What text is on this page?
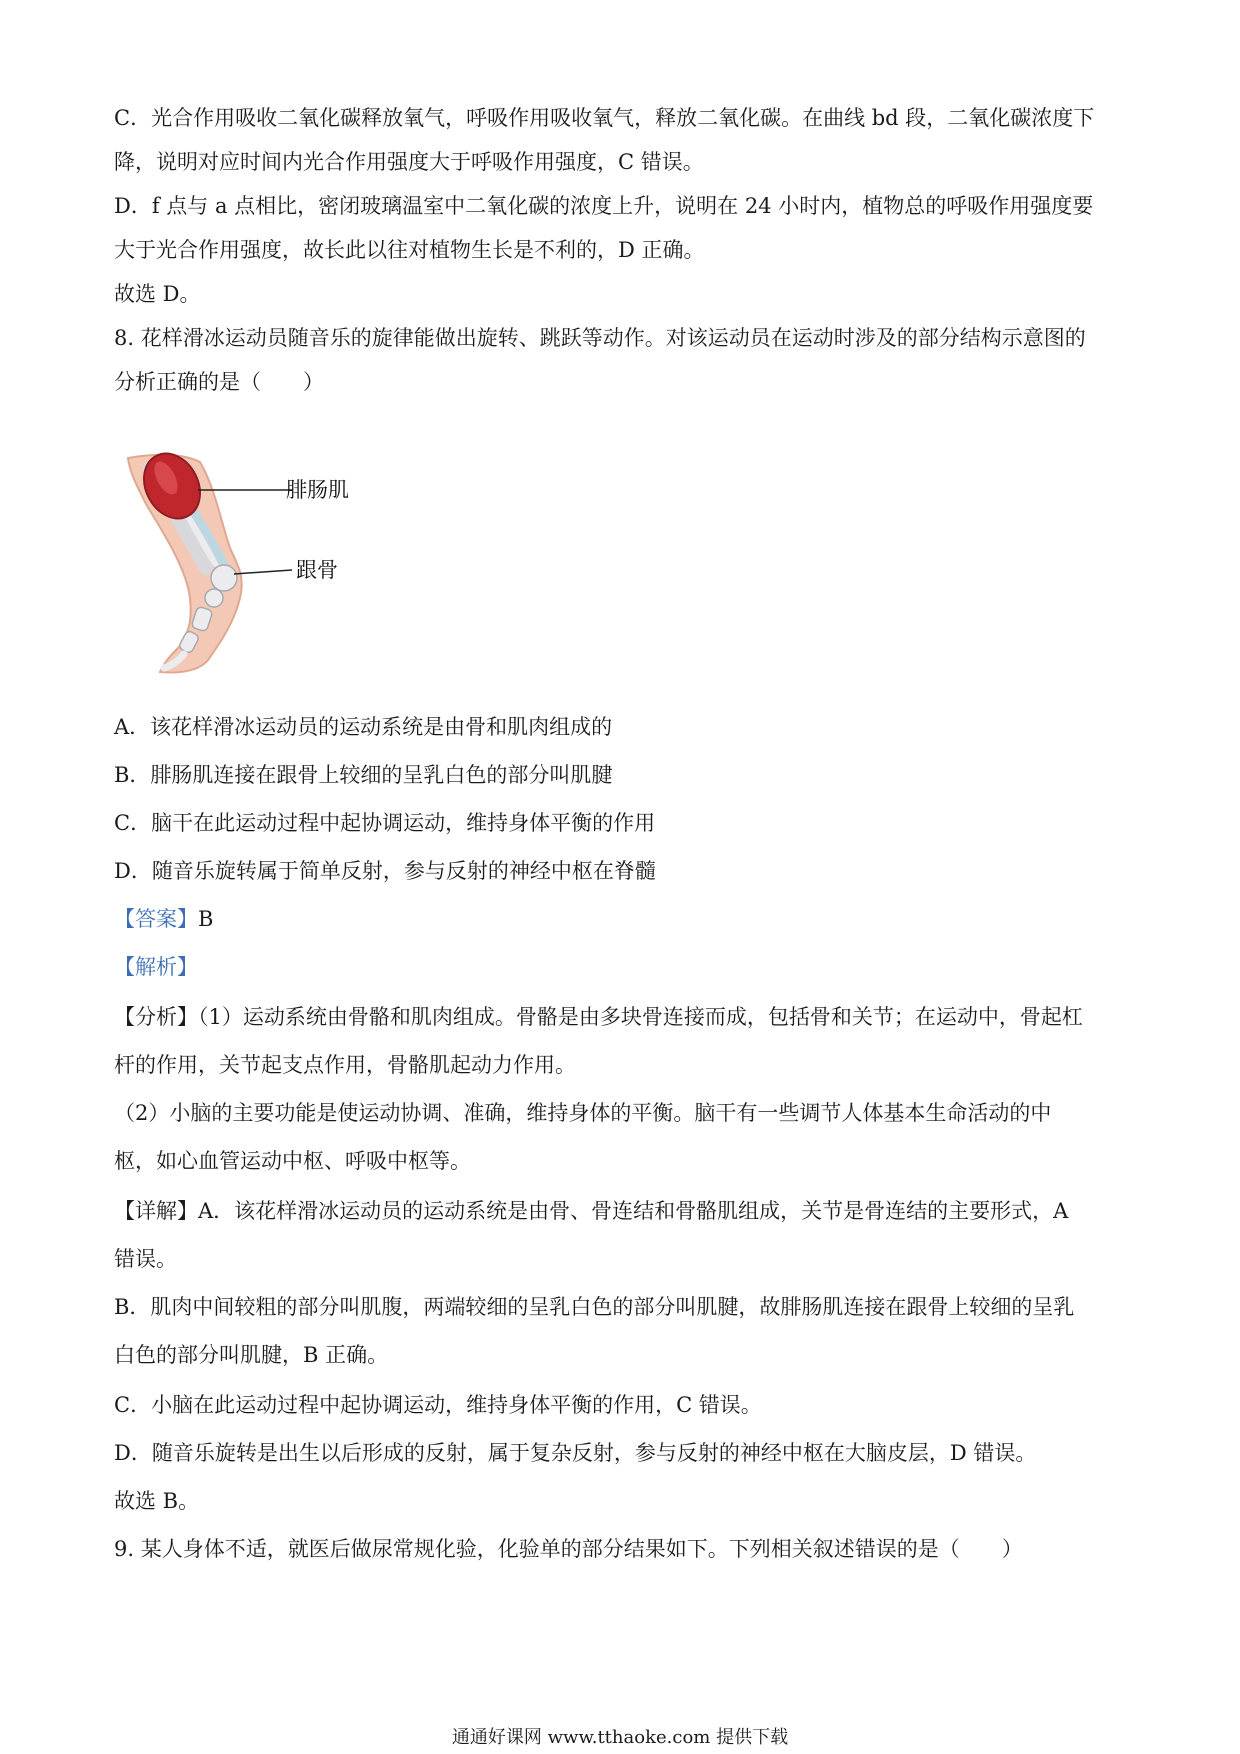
C．光合作用吸收二氧化碳释放氧气，呼吸作用吸收氧气，释放二氧化碳。在曲线 bd 段，二氧化碳浓度下
降，说明对应时间内光合作用强度大于呼吸作用强度，C 错误。
D．f 点与 a 点相比，密闭玻璃温室中二氧化碳的浓度上升，说明在 24 小时内，植物总的呼吸作用强度要
大于光合作用强度，故长此以往对植物生长是不利的，D 正确。
故选 D。
8. 花样滑冰运动员随音乐的旋律能做出旋转、跳跃等动作。对该运动员在运动时涉及的部分结构示意图的
分析正确的是（　　）
腓肠肌
跟骨
A．该花样滑冰运动员的运动系统是由骨和肌肉组成的
B．腓肠肌连接在跟骨上较细的呈乳白色的部分叫肌腱
C．脑干在此运动过程中起协调运动，维持身体平衡的作用
D．随音乐旋转属于简单反射，参与反射的神经中枢在脊髓
【答案】B
【解析】
【分析】（1）运动系统由骨骼和肌肉组成。骨骼是由多块骨连接而成，包括骨和关节；在运动中，骨起杠
杆的作用，关节起支点作用，骨骼肌起动力作用。
（2）小脑的主要功能是使运动协调、准确，维持身体的平衡。脑干有一些调节人体基本生命活动的中
枢，如心血管运动中枢、呼吸中枢等。
【详解】A．该花样滑冰运动员的运动系统是由骨、骨连结和骨骼肌组成，关节是骨连结的主要形式，A
错误。
B．肌肉中间较粗的部分叫肌腹，两端较细的呈乳白色的部分叫肌腱，故腓肠肌连接在跟骨上较细的呈乳
白色的部分叫肌腱，B 正确。
C．小脑在此运动过程中起协调运动，维持身体平衡的作用，C 错误。
D．随音乐旋转是出生以后形成的反射，属于复杂反射，参与反射的神经中枢在大脑皮层，D 错误。
故选 B。
9. 某人身体不适，就医后做尿常规化验，化验单的部分结果如下。下列相关叙述错误的是（　　）
通通好课网 www.tthaoke.com 提供下载
